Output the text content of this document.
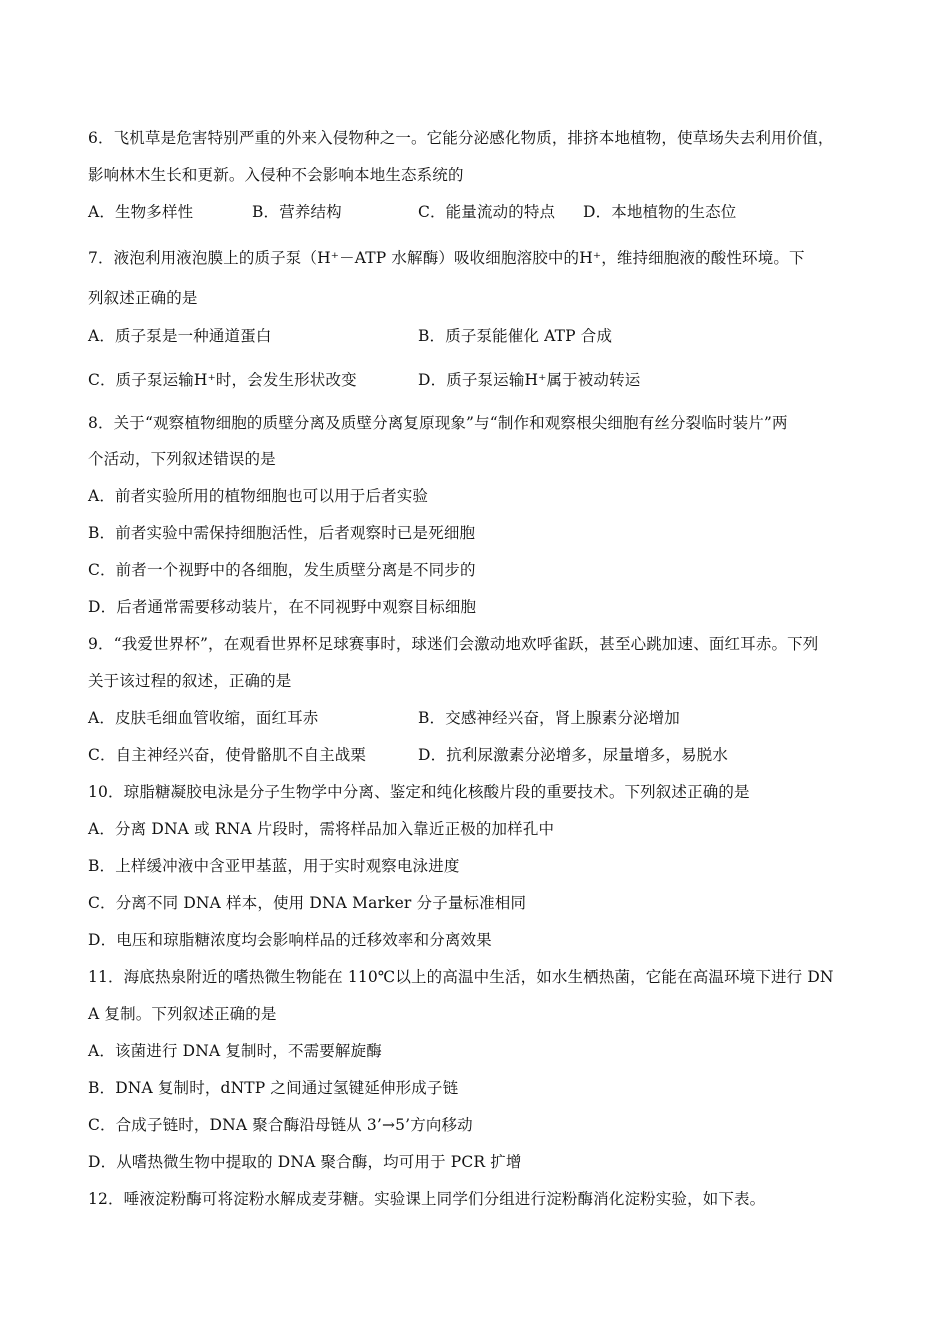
6．飞机草是危害特别严重的外来入侵物种之一。它能分泌感化物质，排挤本地植物，使草场失去利用价值，
影响林木生长和更新。入侵种不会影响本地生态系统的
A．生物多样性	B．营养结构	C．能量流动的特点 D．本地植物的生态位
7．液泡利用液泡膜上的质子泵（H⁺－ATP 水解酶）吸收细胞溶胶中的H⁺，维持细胞液的酸性环境。下
列叙述正确的是
A．质子泵是一种通道蛋白	B．质子泵能催化 ATP 合成
C．质子泵运输H⁺时，会发生形状改变	D．质子泵运输H⁺属于被动转运
8．关于“观察植物细胞的质壁分离及质壁分离复原现象”与“制作和观察根尖细胞有丝分裂临时装片”两
个活动，下列叙述错误的是
A．前者实验所用的植物细胞也可以用于后者实验
B．前者实验中需保持细胞活性，后者观察时已是死细胞
C．前者一个视野中的各细胞，发生质壁分离是不同步的
D．后者通常需要移动装片，在不同视野中观察目标细胞
9．“我爱世界杯”，在观看世界杯足球赛事时，球迷们会激动地欢呼雀跃，甚至心跳加速、面红耳赤。下列
关于该过程的叙述，正确的是
A．皮肤毛细血管收缩，面红耳赤	B．交感神经兴奋，肾上腺素分泌增加
C．自主神经兴奋，使骨骼肌不自主战栗	D．抗利尿激素分泌增多，尿量增多，易脱水
10．琼脂糖凝胶电泳是分子生物学中分离、鉴定和纯化核酸片段的重要技术。下列叙述正确的是
A．分离 DNA 或 RNA 片段时，需将样品加入靠近正极的加样孔中
B．上样缓冲液中含亚甲基蓝，用于实时观察电泳进度
C．分离不同 DNA 样本，使用 DNA Marker 分子量标准相同
D．电压和琼脂糖浓度均会影响样品的迁移效率和分离效果
11．海底热泉附近的嗜热微生物能在 110℃以上的高温中生活，如水生栖热菌，它能在高温环境下进行 DN
A 复制。下列叙述正确的是
A．该菌进行 DNA 复制时，不需要解旋酶
B．DNA 复制时，dNTP 之间通过氢键延伸形成子链
C．合成子链时，DNA 聚合酶沿母链从 3’→5’方向移动
D．从嗜热微生物中提取的 DNA 聚合酶，均可用于 PCR 扩增
12．唾液淀粉酶可将淀粉水解成麦芽糖。实验课上同学们分组进行淀粉酶消化淀粉实验，如下表。
